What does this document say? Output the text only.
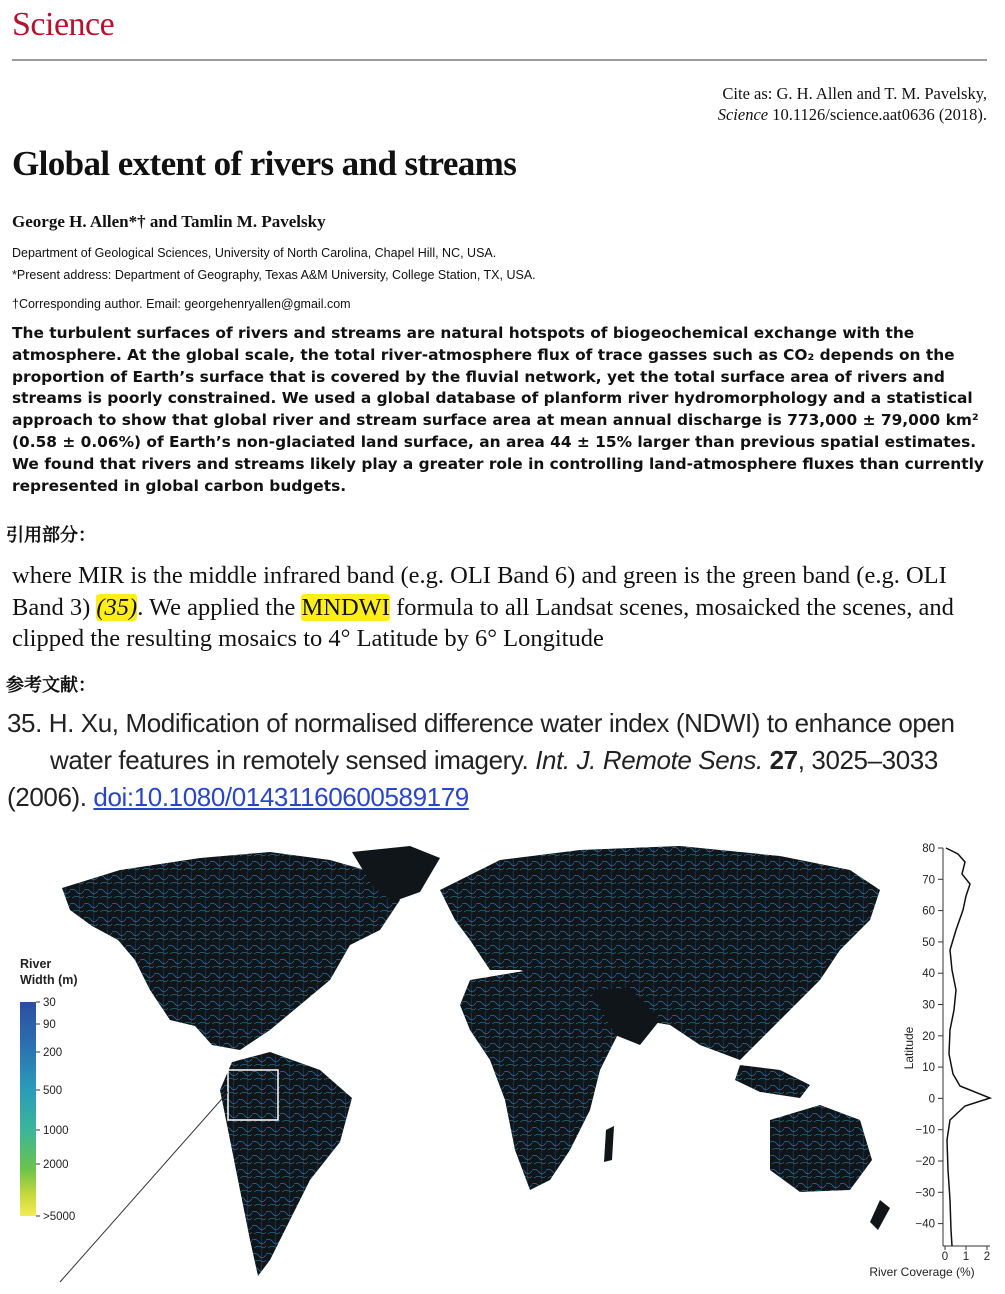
Science
Cite as: G. H. Allen and T. M. Pavelsky,
Science 10.1126/science.aat0636 (2018).
Global extent of rivers and streams
George H. Allen*† and Tamlin M. Pavelsky
Department of Geological Sciences, University of North Carolina, Chapel Hill, NC, USA.
*Present address: Department of Geography, Texas A&M University, College Station, TX, USA.
†Corresponding author. Email: georgehenryallen@gmail.com

The turbulent surfaces of rivers and streams are natural hotspots of biogeochemical exchange with the atmosphere. At the global scale, the total river-atmosphere flux of trace gasses such as CO₂ depends on the proportion of Earth’s surface that is covered by the fluvial network, yet the total surface area of rivers and streams is poorly constrained. We used a global database of planform river hydromorphology and a statistical approach to show that global river and stream surface area at mean annual discharge is 773,000 ± 79,000 km² (0.58 ± 0.06%) of Earth’s non-glaciated land surface, an area 44 ± 15% larger than previous spatial estimates. We found that rivers and streams likely play a greater role in controlling land-atmosphere fluxes than currently represented in global carbon budgets.

引用部分：

where MIR is the middle infrared band (e.g. OLI Band 6) and green is the green band (e.g. OLI Band 3) (35). We applied the MNDWI formula to all Landsat scenes, mosaicked the scenes, and clipped the resulting mosaics to 4° Latitude by 6° Longitude

参考文献：

35. H. Xu, Modification of normalised difference water index (NDWI) to enhance open
water features in remotely sensed imagery. Int. J. Remote Sens. 27, 3025–3033
(2006). doi:10.1080/01431160600589179

River
Width (m)
30
90
200
500
1000
2000
>5000
80
70
60
50
40
30
20
10
0
−10
−20
−30
−40
0 1 2
Latitude
River Coverage (%)
